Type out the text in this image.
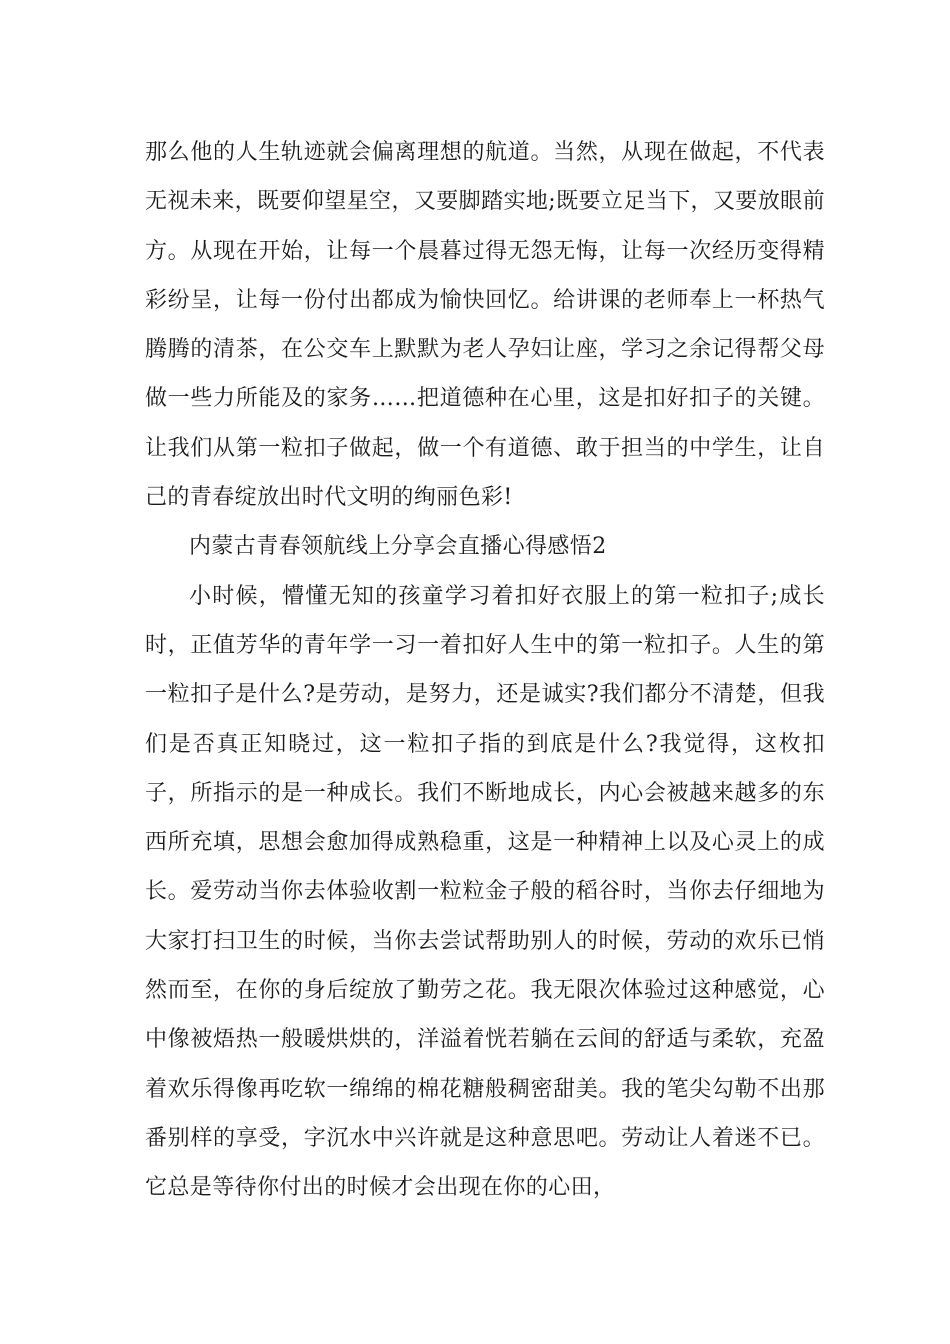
那么他的人生轨迹就会偏离理想的航道。当然，从现在做起，不代表无视未来，既要仰望星空，又要脚踏实地;既要立足当下，又要放眼前方。从现在开始，让每一个晨暮过得无怨无悔，让每一次经历变得精彩纷呈，让每一份付出都成为愉快回忆。给讲课的老师奉上一杯热气腾腾的清茶，在公交车上默默为老人孕妇让座，学习之余记得帮父母做一些力所能及的家务……把道德种在心里，这是扣好扣子的关键。让我们从第一粒扣子做起，做一个有道德、敢于担当的中学生，让自己的青春绽放出时代文明的绚丽色彩!

内蒙古青春领航线上分享会直播心得感悟2

小时候，懵懂无知的孩童学习着扣好衣服上的第一粒扣子;成长时，正值芳华的青年学一习一着扣好人生中的第一粒扣子。人生的第一粒扣子是什么?是劳动，是努力，还是诚实?我们都分不清楚，但我们是否真正知晓过，这一粒扣子指的到底是什么?我觉得，这枚扣子，所指示的是一种成长。我们不断地成长，内心会被越来越多的东西所充填，思想会愈加得成熟稳重，这是一种精神上以及心灵上的成长。爱劳动当你去体验收割一粒粒金子般的稻谷时，当你去仔细地为大家打扫卫生的时候，当你去尝试帮助别人的时候，劳动的欢乐已悄然而至，在你的身后绽放了勤劳之花。我无限次体验过这种感觉，心中像被焐热一般暖烘烘的，洋溢着恍若躺在云间的舒适与柔软，充盈着欢乐得像再吃软一绵绵的棉花糖般稠密甜美。我的笔尖勾勒不出那番别样的享受，字沉水中兴许就是这种意思吧。劳动让人着迷不已。它总是等待你付出的时候才会出现在你的心田，
